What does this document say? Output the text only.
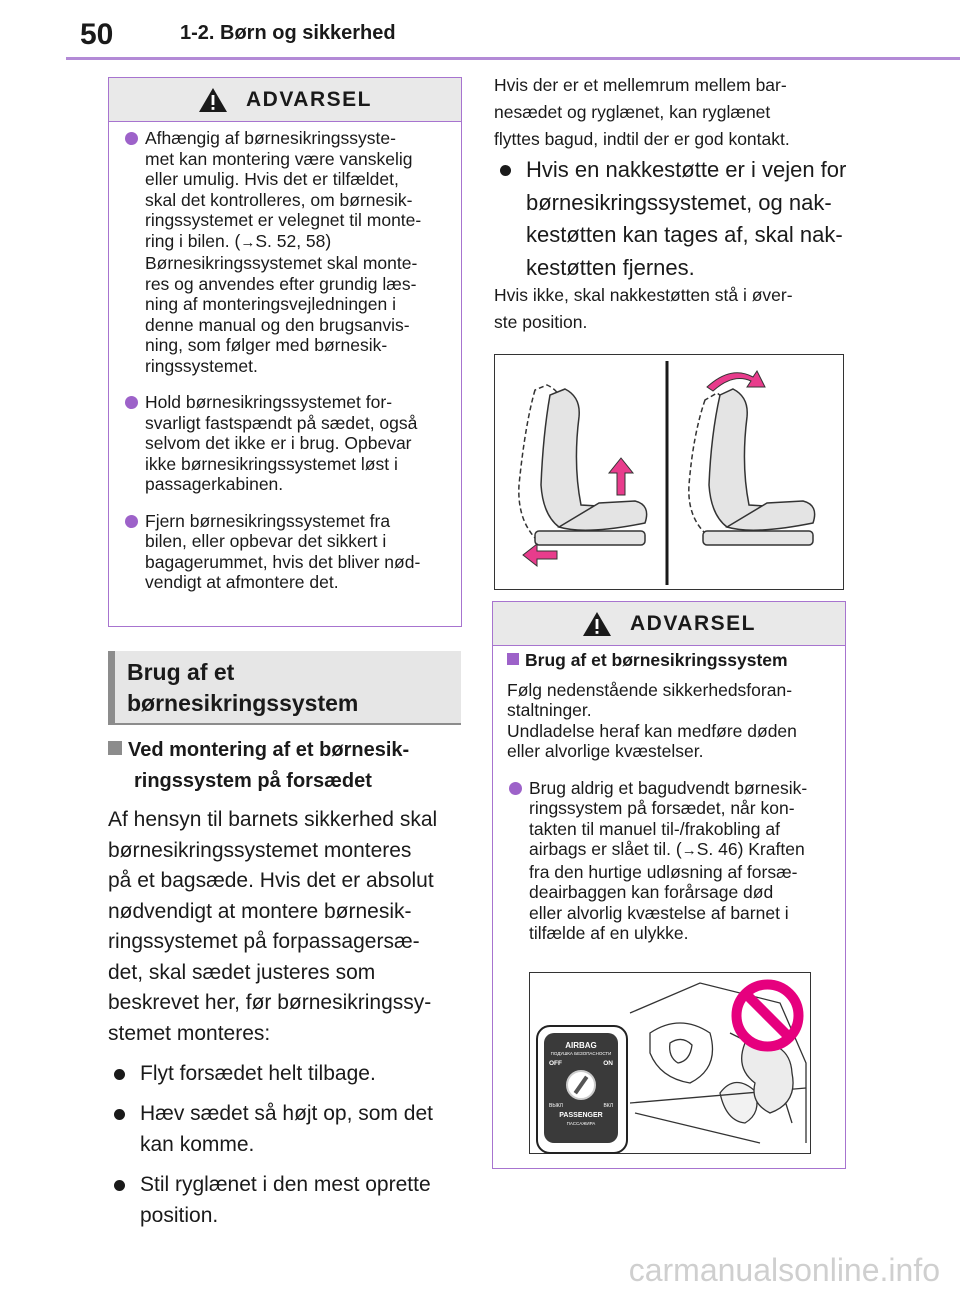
50	1-2. Børn og sikkerhed
ADVARSEL
Afhængig af børnesikringssyste-
met kan montering være vanskelig
eller umulig. Hvis det er tilfældet,
skal det kontrolleres, om børnesik-
ringssystemet er velegnet til monte-
ring i bilen. (→S. 52, 58)
Børnesikringssystemet skal monte-
res og anvendes efter grundig læs-
ning af monteringsvejledningen i
denne manual og den brugsanvis-
ning, som følger med børnesik-
ringssystemet.
Hold børnesikringssystemet for-
svarligt fastspændt på sædet, også
selvom det ikke er i brug. Opbevar
ikke børnesikringssystemet løst i
passagerkabinen.
Fjern børnesikringssystemet fra
bilen, eller opbevar det sikkert i
bagagerummet, hvis det bliver nød-
vendigt at afmontere det.
Brug af et
børnesikringssystem
Ved montering af et børnesik-
ringssystem på forsædet
Af hensyn til barnets sikkerhed skal
børnesikringssystemet monteres
på et bagsæde. Hvis det er absolut
nødvendigt at montere børnesik-
ringssystemet på forpassagersæ-
det, skal sædet justeres som
beskrevet her, før børnesikringssy-
stemet monteres:
Flyt forsædet helt tilbage.
Hæv sædet så højt op, som det
kan komme.
Stil ryglænet i den mest oprette
position.
Hvis der er et mellemrum mellem bar-
nesædet og ryglænet, kan ryglænet
flyttes bagud, indtil der er god kontakt.
Hvis en nakkestøtte er i vejen for
børnesikringssystemet, og nak-
kestøtten kan tages af, skal nak-
kestøtten fjernes.
Hvis ikke, skal nakkestøtten stå i øver-
ste position.
ADVARSEL
Brug af et børnesikringssystem
Følg nedenstående sikkerhedsforan-
staltninger.
Undladelse heraf kan medføre døden
eller alvorlige kvæstelser.
Brug aldrig et bagudvendt børnesik-
ringssystem på forsædet, når kon-
takten til manuel til-/frakobling af
airbags er slået til. (→S. 46) Kraften
fra den hurtige udløsning af forsæ-
deairbaggen kan forårsage død
eller alvorlig kvæstelse af barnet i
tilfælde af en ulykke.
AIRBAG
ПОДУШКА БЕЗОПАСНОСТИ
OFF	ON
ВЫКЛ	ВКЛ
PASSENGER
ПАССАЖИРА
carmanualsonline.info
